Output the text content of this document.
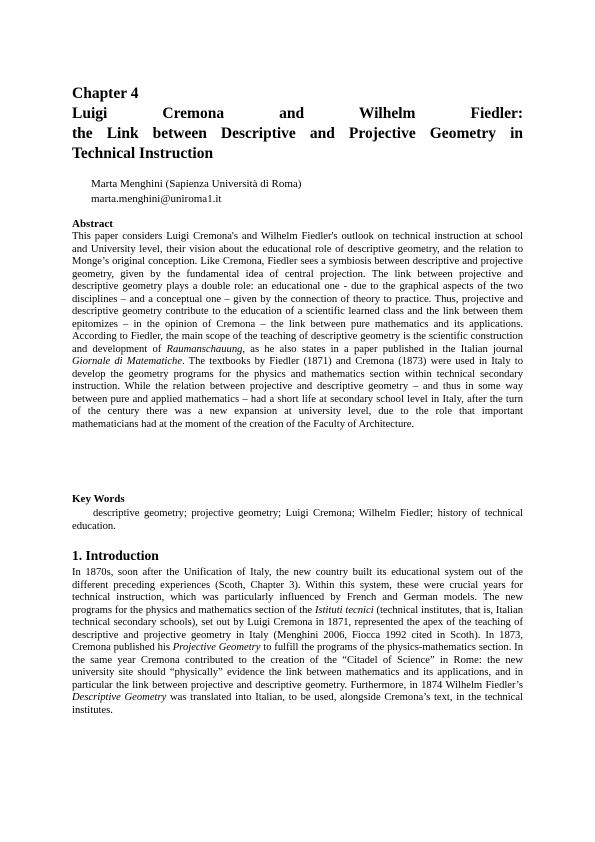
Chapter 4
Luigi Cremona and Wilhelm Fiedler:
the Link between Descriptive and Projective Geometry in
Technical Instruction
Marta Menghini (Sapienza Università di Roma)
marta.menghini@uniroma1.it
Abstract
This paper considers Luigi Cremona's and Wilhelm Fiedler's outlook on technical instruction at school and University level, their vision about the educational role of descriptive geometry, and the relation to Monge’s original conception. Like Cremona, Fiedler sees a symbiosis between descriptive and projective geometry, given by the fundamental idea of central projection. The link between projective and descriptive geometry plays a double role: an educational one - due to the graphical aspects of the two disciplines – and a conceptual one – given by the connection of theory to practice. Thus, projective and descriptive geometry contribute to the education of a scientific learned class and the link between them epitomizes – in the opinion of Cremona – the link between pure mathematics and its applications. According to Fiedler, the main scope of the teaching of descriptive geometry is the scientific construction and development of Raumanschauung, as he also states in a paper published in the Italian journal Giornale di Matematiche. The textbooks by Fiedler (1871) and Cremona (1873) were used in Italy to develop the geometry programs for the physics and mathematics section within technical secondary instruction. While the relation between projective and descriptive geometry – and thus in some way between pure and applied mathematics – had a short life at secondary school level in Italy, after the turn of the century there was a new expansion at university level, due to the role that important mathematicians had at the moment of the creation of the Faculty of Architecture.
Key Words
descriptive geometry; projective geometry; Luigi Cremona; Wilhelm Fiedler; history of technical education.
1. Introduction
In 1870s, soon after the Unification of Italy, the new country built its educational system out of the different preceding experiences (Scoth, Chapter 3). Within this system, these were crucial years for technical instruction, which was particularly influenced by French and German models. The new programs for the physics and mathematics section of the Istituti tecnici (technical institutes, that is, Italian technical secondary schools), set out by Luigi Cremona in 1871, represented the apex of the teaching of descriptive and projective geometry in Italy (Menghini 2006, Fiocca 1992 cited in Scoth). In 1873, Cremona published his Projective Geometry to fulfill the programs of the physics-mathematics section. In the same year Cremona contributed to the creation of the “Citadel of Science” in Rome: the new university site should “physically” evidence the link between mathematics and its applications, and in particular the link between projective and descriptive geometry. Furthermore, in 1874 Wilhelm Fiedler’s Descriptive Geometry was translated into Italian, to be used, alongside Cremona’s text, in the technical institutes.
